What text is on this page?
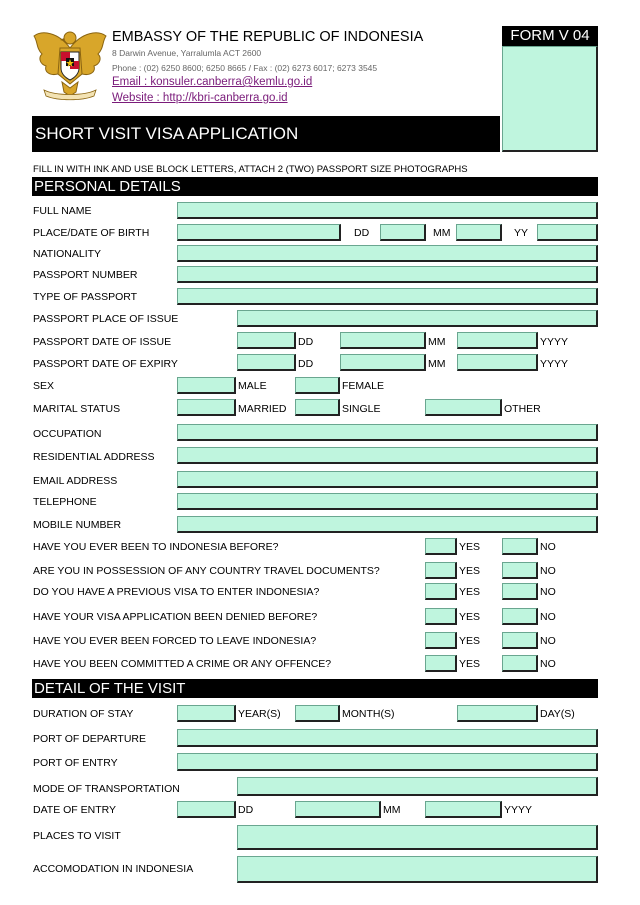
EMBASSY OF THE REPUBLIC OF INDONESIA
8 Darwin Avenue, Yarralumla ACT 2600
Phone : (02) 6250 8600; 6250 8665 / Fax : (02) 6273 6017; 6273 3545
Email : konsuler.canberra@kemlu.go.id
Website : http://kbri-canberra.go.id
FORM V 04
SHORT VISIT VISA APPLICATION
FILL IN WITH INK AND USE BLOCK LETTERS, ATTACH 2 (TWO) PASSPORT SIZE PHOTOGRAPHS
PERSONAL DETAILS
FULL NAME
PLACE/DATE OF BIRTH	DD	MM	YY
NATIONALITY
PASSPORT NUMBER
TYPE OF PASSPORT
PASSPORT PLACE OF ISSUE
PASSPORT DATE OF ISSUE	DD	MM	YYYY
PASSPORT DATE OF EXPIRY	DD	MM	YYYY
SEX	MALE	FEMALE
MARITAL STATUS	MARRIED	SINGLE	OTHER
OCCUPATION
RESIDENTIAL ADDRESS
EMAIL ADDRESS
TELEPHONE
MOBILE NUMBER
HAVE YOU EVER BEEN TO INDONESIA BEFORE?	YES	NO
ARE YOU IN POSSESSION OF ANY COUNTRY TRAVEL DOCUMENTS?	YES	NO
DO YOU HAVE A PREVIOUS VISA TO ENTER INDONESIA?	YES	NO
HAVE YOUR VISA APPLICATION BEEN DENIED BEFORE?	YES	NO
HAVE YOU EVER BEEN FORCED TO LEAVE INDONESIA?	YES	NO
HAVE YOU BEEN COMMITTED A CRIME OR ANY OFFENCE?	YES	NO
DETAIL OF THE VISIT
DURATION OF STAY	YEAR(S)	MONTH(S)	DAY(S)
PORT OF DEPARTURE
PORT OF ENTRY
MODE OF TRANSPORTATION
DATE OF ENTRY	DD	MM	YYYY
PLACES TO VISIT
ACCOMODATION IN INDONESIA
